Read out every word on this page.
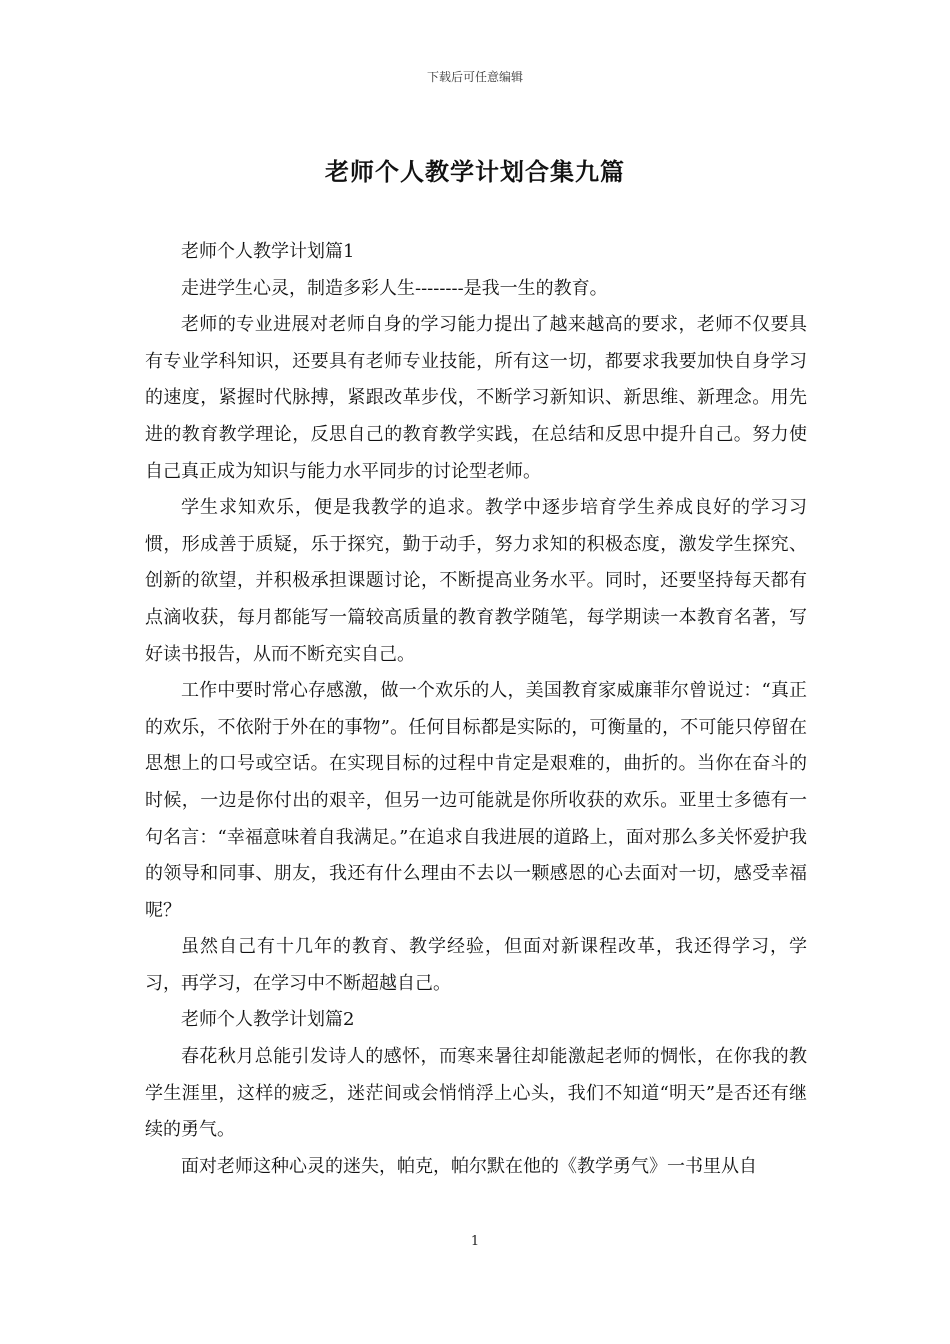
下载后可任意编辑
老师个人教学计划合集九篇

老师个人教学计划篇1

走进学生心灵，制造多彩人生--------是我一生的教育。

老师的专业进展对老师自身的学习能力提出了越来越高的要求，老师不仅要具有专业学科知识，还要具有老师专业技能，所有这一切，都要求我要加快自身学习的速度，紧握时代脉搏，紧跟改革步伐，不断学习新知识、新思维、新理念。用先进的教育教学理论，反思自己的教育教学实践，在总结和反思中提升自己。努力使自己真正成为知识与能力水平同步的讨论型老师。

学生求知欢乐，便是我教学的追求。教学中逐步培育学生养成良好的学习习惯，形成善于质疑，乐于探究，勤于动手，努力求知的积极态度，激发学生探究、创新的欲望，并积极承担课题讨论，不断提高业务水平。同时，还要坚持每天都有点滴收获，每月都能写一篇较高质量的教育教学随笔，每学期读一本教育名著，写好读书报告，从而不断充实自己。

工作中要时常心存感激，做一个欢乐的人，美国教育家威廉菲尔曾说过：“真正的欢乐，不依附于外在的事物”。任何目标都是实际的，可衡量的，不可能只停留在思想上的口号或空话。在实现目标的过程中肯定是艰难的，曲折的。当你在奋斗的时候，一边是你付出的艰辛，但另一边可能就是你所收获的欢乐。亚里士多德有一句名言：“幸福意味着自我满足。”在追求自我进展的道路上，面对那么多关怀爱护我的领导和同事、朋友，我还有什么理由不去以一颗感恩的心去面对一切，感受幸福呢？

虽然自己有十几年的教育、教学经验，但面对新课程改革，我还得学习，学习，再学习，在学习中不断超越自己。

老师个人教学计划篇2

春花秋月总能引发诗人的感怀，而寒来暑往却能激起老师的惆怅，在你我的教学生涯里，这样的疲乏，迷茫间或会悄悄浮上心头，我们不知道“明天”是否还有继续的勇气。

面对老师这种心灵的迷失，帕克，帕尔默在他的《教学勇气》一书里从自

1
